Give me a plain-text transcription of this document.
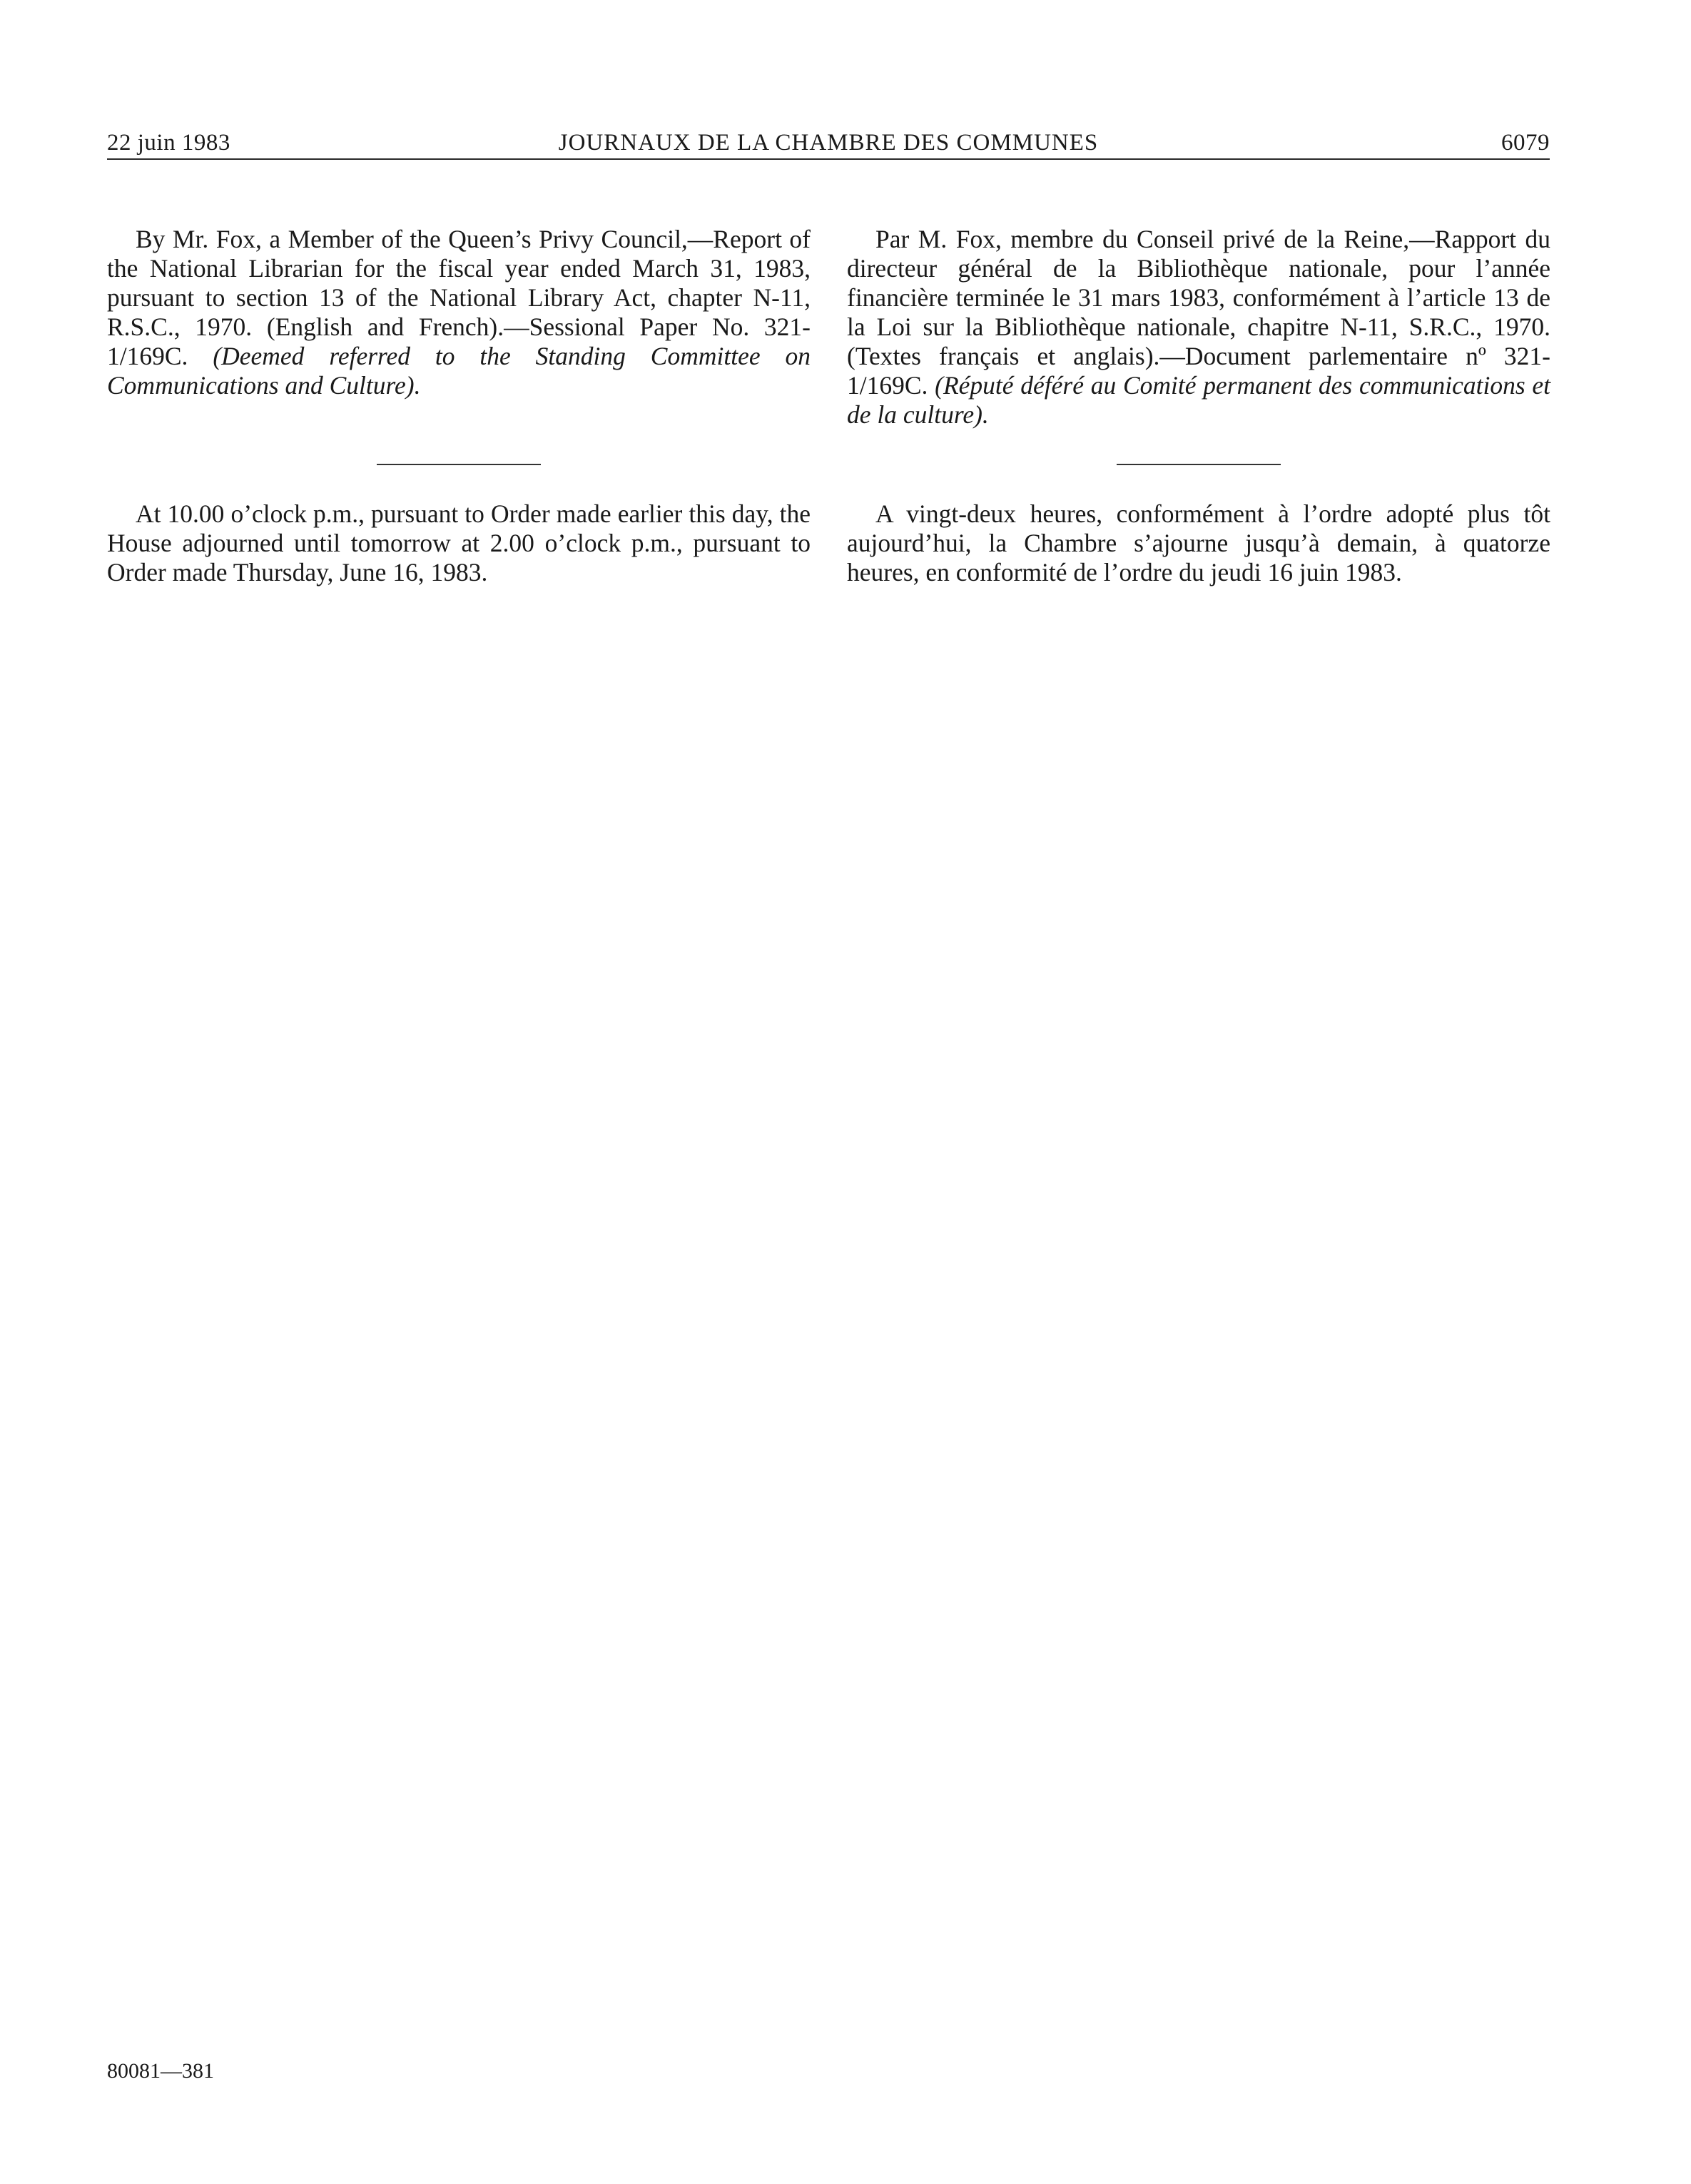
22 juin 1983	JOURNAUX DE LA CHAMBRE DES COMMUNES	6079

By Mr. Fox, a Member of the Queen’s Privy Council,—Report of the National Librarian for the fiscal year ended March 31, 1983, pursuant to section 13 of the National Library Act, chapter N-11, R.S.C., 1970. (English and French).—Sessional Paper No. 321-1/169C. (Deemed referred to the Standing Committee on Communications and Culture).

At 10.00 o’clock p.m., pursuant to Order made earlier this day, the House adjourned until tomorrow at 2.00 o’clock p.m., pursuant to Order made Thursday, June 16, 1983.

Par M. Fox, membre du Conseil privé de la Reine,—Rapport du directeur général de la Bibliothèque nationale, pour l’année financière terminée le 31 mars 1983, conformément à l’article 13 de la Loi sur la Bibliothèque nationale, chapitre N-11, S.R.C., 1970. (Textes français et anglais).—Document parlementaire nº 321-1/169C. (Réputé déféré au Comité permanent des communications et de la culture).

A vingt-deux heures, conformément à l’ordre adopté plus tôt aujourd’hui, la Chambre s’ajourne jusqu’à demain, à quatorze heures, en conformité de l’ordre du jeudi 16 juin 1983.

80081—381
